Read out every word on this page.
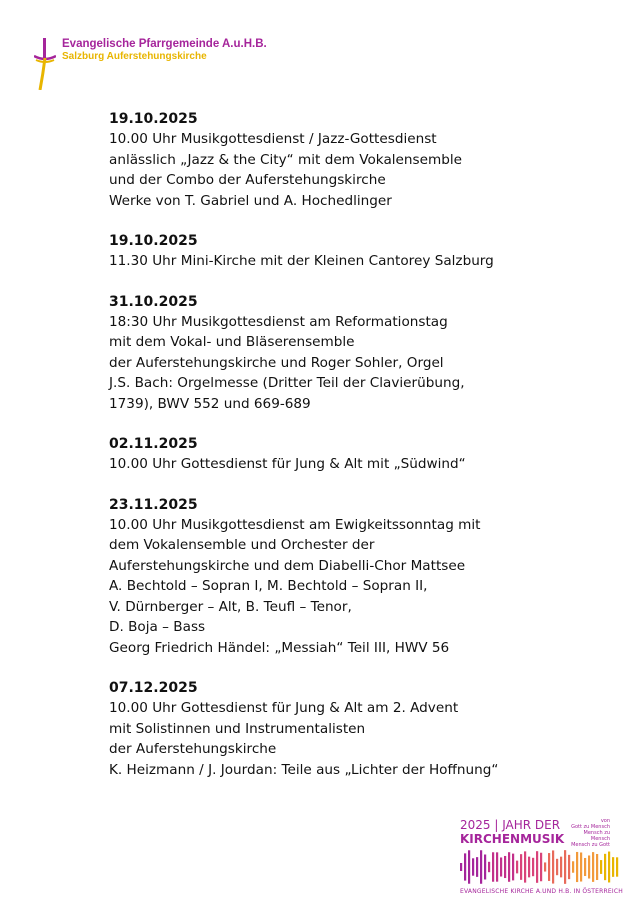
Evangelische Pfarrgemeinde A.u.H.B.
Salzburg Auferstehungskirche
19.10.2025
10.00 Uhr Musikgottesdienst / Jazz-Gottesdienst
anlässlich „Jazz & the City“ mit dem Vokalensemble
und der Combo der Auferstehungskirche
Werke von T. Gabriel und A. Hochedlinger
19.10.2025
11.30 Uhr Mini-Kirche mit der Kleinen Cantorey Salzburg
31.10.2025
18:30 Uhr Musikgottesdienst am Reformationstag
mit dem Vokal- und Bläserensemble
der Auferstehungskirche und Roger Sohler, Orgel
J.S. Bach: Orgelmesse (Dritter Teil der Clavierübung,
1739), BWV 552 und 669-689
02.11.2025
10.00 Uhr Gottesdienst für Jung & Alt mit „Südwind“
23.11.2025
10.00 Uhr Musikgottesdienst am Ewigkeitssonntag mit
dem Vokalensemble und Orchester der
Auferstehungskirche und dem Diabelli-Chor Mattsee
A. Bechtold – Sopran I, M. Bechtold – Sopran II,
V. Dürnberger – Alt, B. Teufl – Tenor,
D. Boja – Bass
Georg Friedrich Händel: „Messiah“ Teil III, HWV 56
07.12.2025
10.00 Uhr Gottesdienst für Jung & Alt am 2. Advent
mit Solistinnen und Instrumentalisten
der Auferstehungskirche
K. Heizmann / J. Jourdan: Teile aus „Lichter der Hoffnung“
2025 | JAHR DER
KIRCHENMUSIK
von
Gott zu Mensch
Mensch zu Mensch
Mensch zu Gott
EVANGELISCHE KIRCHE A.UND H.B. IN ÖSTERREICH
